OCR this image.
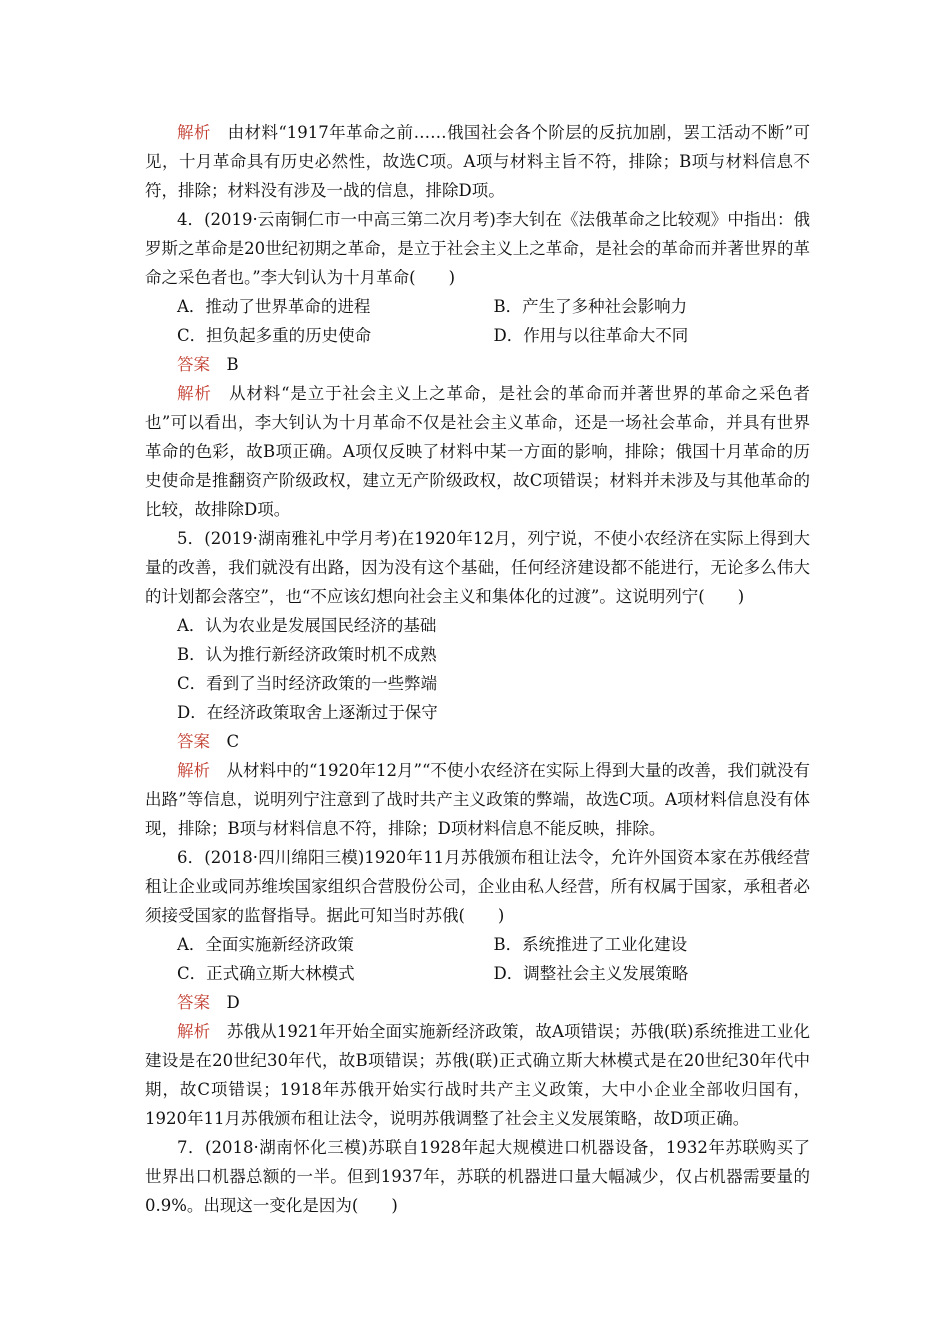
解析　 由材料“1917年革命之前……俄国社会各个阶层的反抗加剧，罢工活动不断”可见，十月革命具有历史必然性，故选C项。A项与材料主旨不符，排除；B项与材料信息不符，排除；材料没有涉及一战的信息，排除D项。

4．(2019·云南铜仁市一中高三第二次月考)李大钊在《法俄革命之比较观》中指出：俄罗斯之革命是20世纪初期之革命，是立于社会主义上之革命，是社会的革命而并著世界的革命之采色者也。”李大钊认为十月革命(　　)

A．推动了世界革命的进程	B．产生了多种社会影响力
C．担负起多重的历史使命	D．作用与以往革命大不同

答案　 B

解析　 从材料“是立于社会主义上之革命，是社会的革命而并著世界的革命之采色者也”可以看出，李大钊认为十月革命不仅是社会主义革命，还是一场社会革命，并具有世界革命的色彩，故B项正确。A项仅反映了材料中某一方面的影响，排除；俄国十月革命的历史使命是推翻资产阶级政权，建立无产阶级政权，故C项错误；材料并未涉及与其他革命的比较，故排除D项。

5．(2019·湖南雅礼中学月考)在1920年12月，列宁说，不使小农经济在实际上得到大量的改善，我们就没有出路，因为没有这个基础，任何经济建设都不能进行，无论多么伟大的计划都会落空”，也“不应该幻想向社会主义和集体化的过渡”。这说明列宁(　　)

A．认为农业是发展国民经济的基础

B．认为推行新经济政策时机不成熟

C．看到了当时经济政策的一些弊端

D．在经济政策取舍上逐渐过于保守

答案　 C

解析　 从材料中的“1920年12月”“不使小农经济在实际上得到大量的改善，我们就没有出路”等信息，说明列宁注意到了战时共产主义政策的弊端，故选C项。A项材料信息没有体现，排除；B项与材料信息不符，排除；D项材料信息不能反映，排除。

6．(2018·四川绵阳三模)1920年11月苏俄颁布租让法令，允许外国资本家在苏俄经营租让企业或同苏维埃国家组织合营股份公司，企业由私人经营，所有权属于国家，承租者必须接受国家的监督指导。据此可知当时苏俄(　　)

A．全面实施新经济政策	B．系统推进了工业化建设
C．正式确立斯大林模式	D．调整社会主义发展策略

答案　 D

解析　 苏俄从1921年开始全面实施新经济政策，故A项错误；苏俄(联)系统推进工业化建设是在20世纪30年代，故B项错误；苏俄(联)正式确立斯大林模式是在20世纪30年代中期，故C项错误；1918年苏俄开始实行战时共产主义政策，大中小企业全部收归国有，1920年11月苏俄颁布租让法令，说明苏俄调整了社会主义发展策略，故D项正确。

7．(2018·湖南怀化三模)苏联自1928年起大规模进口机器设备，1932年苏联购买了世界出口机器总额的一半。但到1937年，苏联的机器进口量大幅减少，仅占机器需要量的0.9%。出现这一变化是因为(　　)
